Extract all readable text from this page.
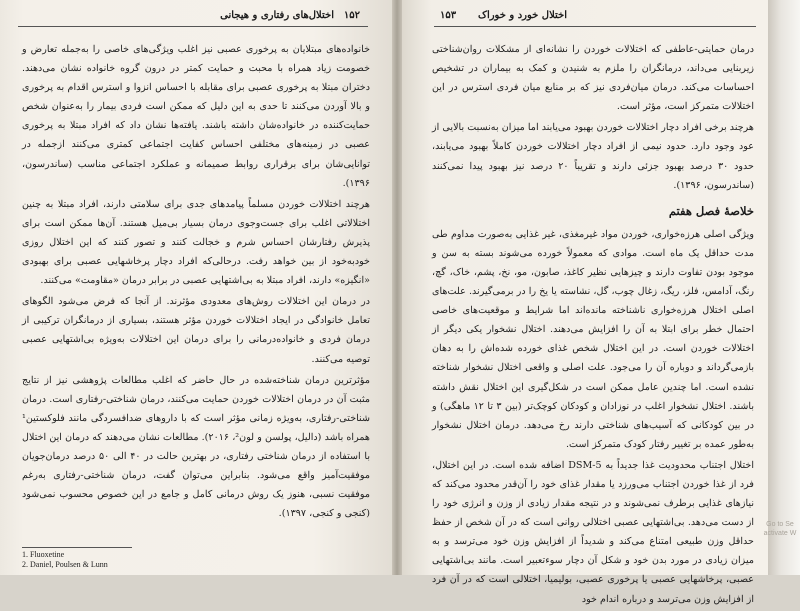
اختلال‌های رفتاری و هیجانی ۱۵۲

خانواده‌های مبتلایان به پرخوری عصبی نیز اغلب ویژگی‌های خاصی را به‌جمله تعارض و خصومت زیاد همراه با محبت و حمایت کمتر در درون گروه خانواده نشان می‌دهند. دختران مبتلا به پرخوری عصبی برای مقابله با احساس انزوا و استرس اقدام به پرخوری و بالا آوردن می‌کنند تا حدی به این دلیل که ممکن است فردی بیمار را به‌عنوان شخص حمایت‌کننده در خانواده‌شان داشته باشند. یافته‌ها نشان داد که افراد مبتلا به پرخوری عصبی در زمینه‌های مختلفی احساس کفایت اجتماعی کمتری می‌کنند ازجمله در توانایی‌شان برای برقراری روابط صمیمانه و عملکرد اجتماعی مناسب (ساندرسون، ۱۳۹۶).

هرچند اختلالات خوردن مسلماً پیامدهای جدی برای سلامتی دارند، افراد مبتلا به چنین اختلالاتی اغلب برای جست‌وجوی درمان بسیار بی‌میل هستند. آن‌ها ممکن است برای پذیرش رفتارشان احساس شرم و خجالت کنند و تصور کنند که این اختلال روزی خودبه‌خود از بین خواهد رفت. درحالی‌که افراد دچار پرخاشهایی عصبی برای بهبودی «انگیزه» دارند، افراد مبتلا به بی‌اشتهایی عصبی در برابر درمان «مقاومت» می‌کنند.

در درمان این اختلالات روش‌های معدودی مؤثرند. از آنجا که فرض می‌شود الگوهای تعامل خانوادگی در ایجاد اختلالات خوردن مؤثر هستند، بسیاری از درمانگران ترکیبی از درمان فردی و خانواده‌درمانی را برای درمان این اختلالات به‌ویژه بی‌اشتهایی عصبی توصیه می‌کنند.

مؤثرترین درمان شناخته‌شده در حال حاضر که اغلب مطالعات پژوهشی نیز از نتایج مثبت آن در درمان اختلالات خوردن حمایت می‌کنند، درمان شناختی-رفتاری است. درمان شناختی-رفتاری، به‌ویژه زمانی مؤثر است که با داروهای ضدافسردگی مانند فلوکستین¹ همراه باشد (دالیل، پولسن و لون²، ۲۰۱۶). مطالعات نشان می‌دهند که درمان این اختلال با استفاده از درمان شناختی رفتاری، در بهترین حالت در ۴۰ الی ۵۰ درصد درمان‌جویان موفقیت‌آمیز واقع می‌شود. بنابراین می‌توان گفت، درمان شناختی-رفتاری به‌رغم موفقیت نسبی، هنوز یک روش درمانی کامل و جامع در این خصوص محسوب نمی‌شود (کنجی و کنجی، ۱۳۹۷).

1. Fluoxetine
2. Daniel, Poulsen & Lunn
۱۵۳ اختلال خورد و خوراک

درمان حمایتی-عاطفی که اختلالات خوردن را نشانه‌ای از مشکلات روان‌شناختی زیربنایی می‌داند، درمانگران را ملزم به شنیدن و کمک به بیماران در تشخیص احساسات می‌کند. درمان میان‌فردی نیز که بر منابع میان فردی استرس در این اختلالات متمرکز است، مؤثر است.

هرچند برخی افراد دچار اختلالات خوردن بهبود می‌یابند اما میزان به‌نسبت بالایی از عود وجود دارد. حدود نیمی از افراد دچار اختلالات خوردن کاملاً بهبود می‌یابند، حدود ۳۰ درصد بهبود جزئی دارند و تقریباً ۲۰ درصد نیز بهبود پیدا نمی‌کنند (ساندرسون، ۱۳۹۶).

خلاصهٔ فصل هفتم

ویژگی اصلی هرزه‌خواری، خوردن مواد غیرمغذی، غیر غذایی به‌صورت مداوم طی مدت حداقل یک ماه است. موادی که معمولاً خورده می‌شوند بسته به سن و موجود بودن تفاوت دارند و چیزهایی نظیر کاغذ، صابون، مو، نخ، پشم، خاک، گچ، رنگ، آدامس، فلز، ریگ، زغال چوب، گل، نشاسته یا یخ را در برمی‌گیرند. علت‌های اصلی اختلال هرزه‌خواری ناشناخته مانده‌اند اما شرایط و موقعیت‌های خاصی احتمال خطر برای ابتلا به آن را افزایش می‌دهند. اختلال نشخوار یکی دیگر از اختلالات خوردن است. در این اختلال شخص غذای خورده شده‌اش را به دهان بازمی‌گرداند و دوباره آن را می‌جود. علت اصلی و واقعی اختلال نشخوار شناخته نشده است. اما چندین عامل ممکن است در شکل‌گیری این اختلال نقش داشته باشند. اختلال نشخوار اغلب در نوزادان و کودکان کوچک‌تر (بین ۳ تا ۱۲ ماهگی) و در بین کودکانی که آسیب‌های شناختی دارند رخ می‌دهد. درمان اختلال نشخوار به‌طور عمده بر تغییر رفتار کودک متمرکز است.

اختلال اجتناب محدودیت غذا جدیداً به DSM-5 اضافه شده است. در این اختلال، فرد از غذا خوردن اجتناب می‌ورزد یا مقدار غذای خود را آن‌قدر محدود می‌کند که نیازهای غذایی برطرف نمی‌شوند و در نتیجه مقدار زیادی از وزن و انرژی خود را از دست می‌دهد. بی‌اشتهایی عصبی اختلالی روانی است که در آن شخص از حفظ حداقل وزن طبیعی امتناع می‌کند و شدیداً از افزایش وزن خود می‌ترسد و به میزان زیادی در مورد بدن خود و شکل آن دچار سوء‌تعبیر است. مانند بی‌اشتهایی عصبی، پرخاشهایی عصبی یا پرخوری عصبی، بولیمیا، اختلالی است که در آن فرد از افزایش وزن می‌ترسد و درباره اندام خود

Go to Se activate W
